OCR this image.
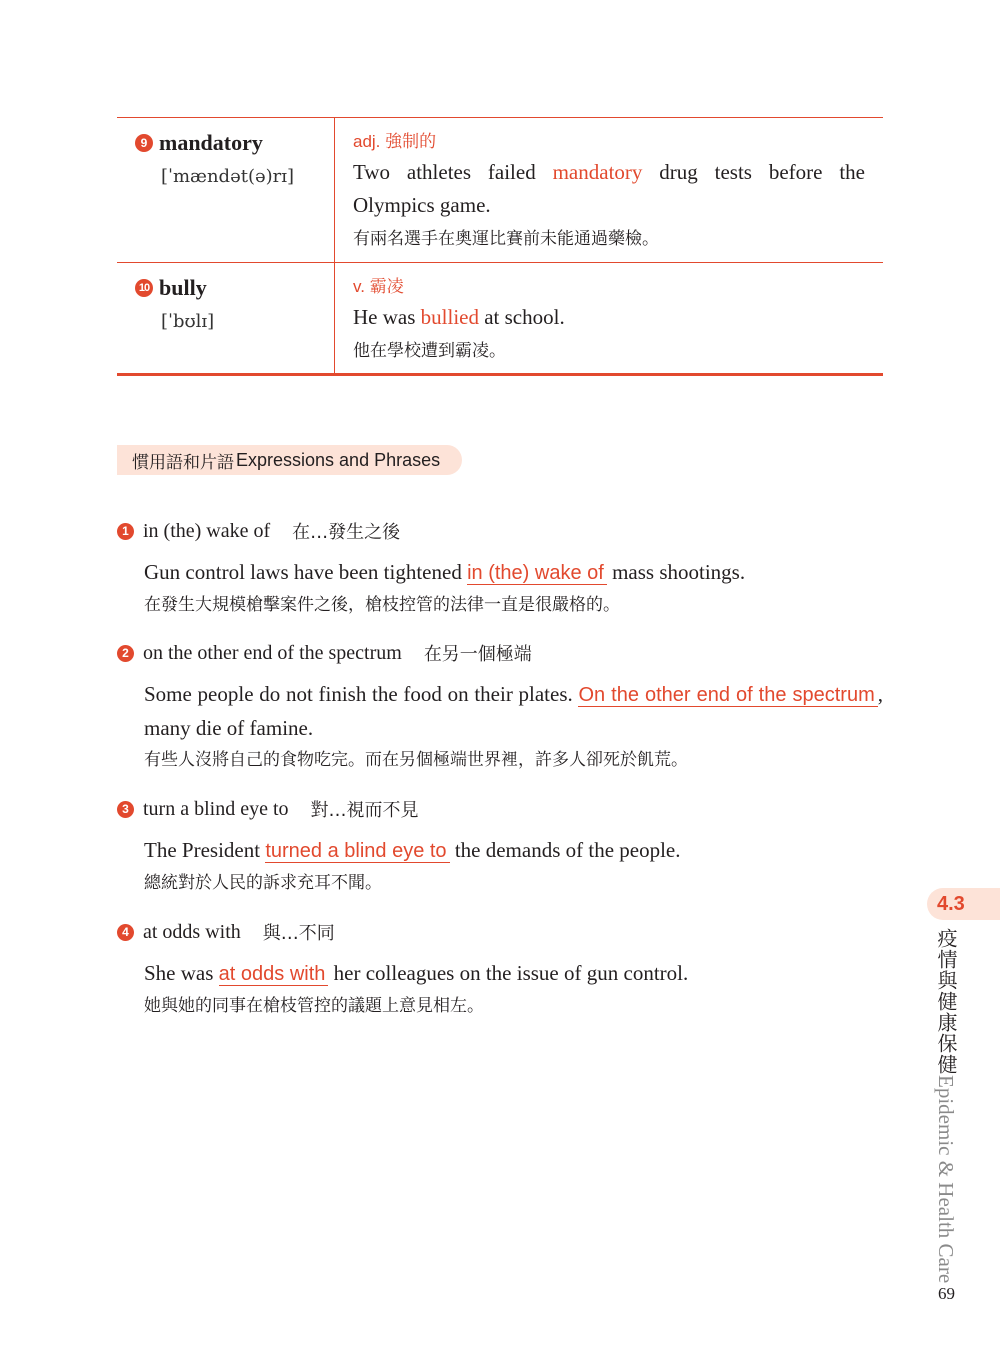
9 mandatory
[ˈmændət(ə)rɪ]
adj. 強制的
Two athletes failed mandatory drug tests before the Olympics game.
有兩名選手在奧運比賽前未能通過藥檢。
10 bully
[ˈbʊlɪ]
v. 霸凌
He was bullied at school.
他在學校遭到霸凌。
慣用語和片語 Expressions and Phrases
1 in (the) wake of 在…發生之後
Gun control laws have been tightened in (the) wake of mass shootings.
在發生大規模槍擊案件之後，槍枝控管的法律一直是很嚴格的。
2 on the other end of the spectrum 在另一個極端
Some people do not finish the food on their plates. On the other end of the spectrum , many die of famine.
有些人沒將自己的食物吃完。而在另個極端世界裡，許多人卻死於飢荒。
3 turn a blind eye to 對…視而不見
The President turned a blind eye to the demands of the people.
總統對於人民的訴求充耳不聞。
4 at odds with 與…不同
She was at odds with her colleagues on the issue of gun control.
她與她的同事在槍枝管控的議題上意見相左。
4.3
疫情與健康保健Epidemic & Health Care
69
